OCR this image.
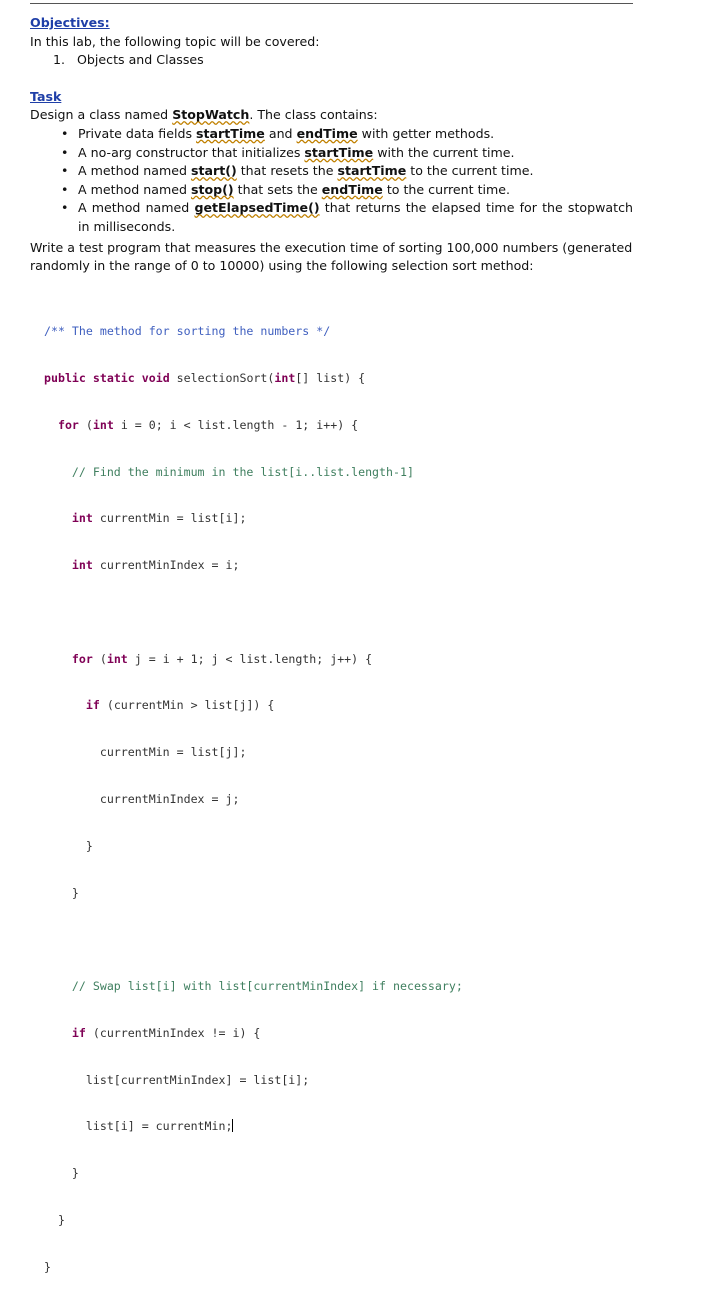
Objectives:
In this lab, the following topic will be covered:
1. Objects and Classes
Task
Design a class named StopWatch. The class contains:
• Private data fields startTime and endTime with getter methods.
• A no-arg constructor that initializes startTime with the current time.
• A method named start() that resets the startTime to the current time.
• A method named stop() that sets the endTime to the current time.
• A method named getElapsedTime() that returns the elapsed time for the stopwatch in milliseconds.
Write a test program that measures the execution time of sorting 100,000 numbers (generated randomly in the range of 0 to 10000) using the following selection sort method:

/** The method for sorting the numbers */

public static void selectionSort(int[] list) {

for (int i = 0; i < list.length - 1; i++) {

// Find the minimum in the list[i..list.length-1]

int currentMin = list[i];

int currentMinIndex = i;

for (int j = i + 1; j < list.length; j++) {

if (currentMin > list[j]) {

currentMin = list[j];

currentMinIndex = j;

}

}

// Swap list[i] with list[currentMinIndex] if necessary;

if (currentMinIndex != i) {

list[currentMinIndex] = list[i];

list[i] = currentMin;

}

}

}
